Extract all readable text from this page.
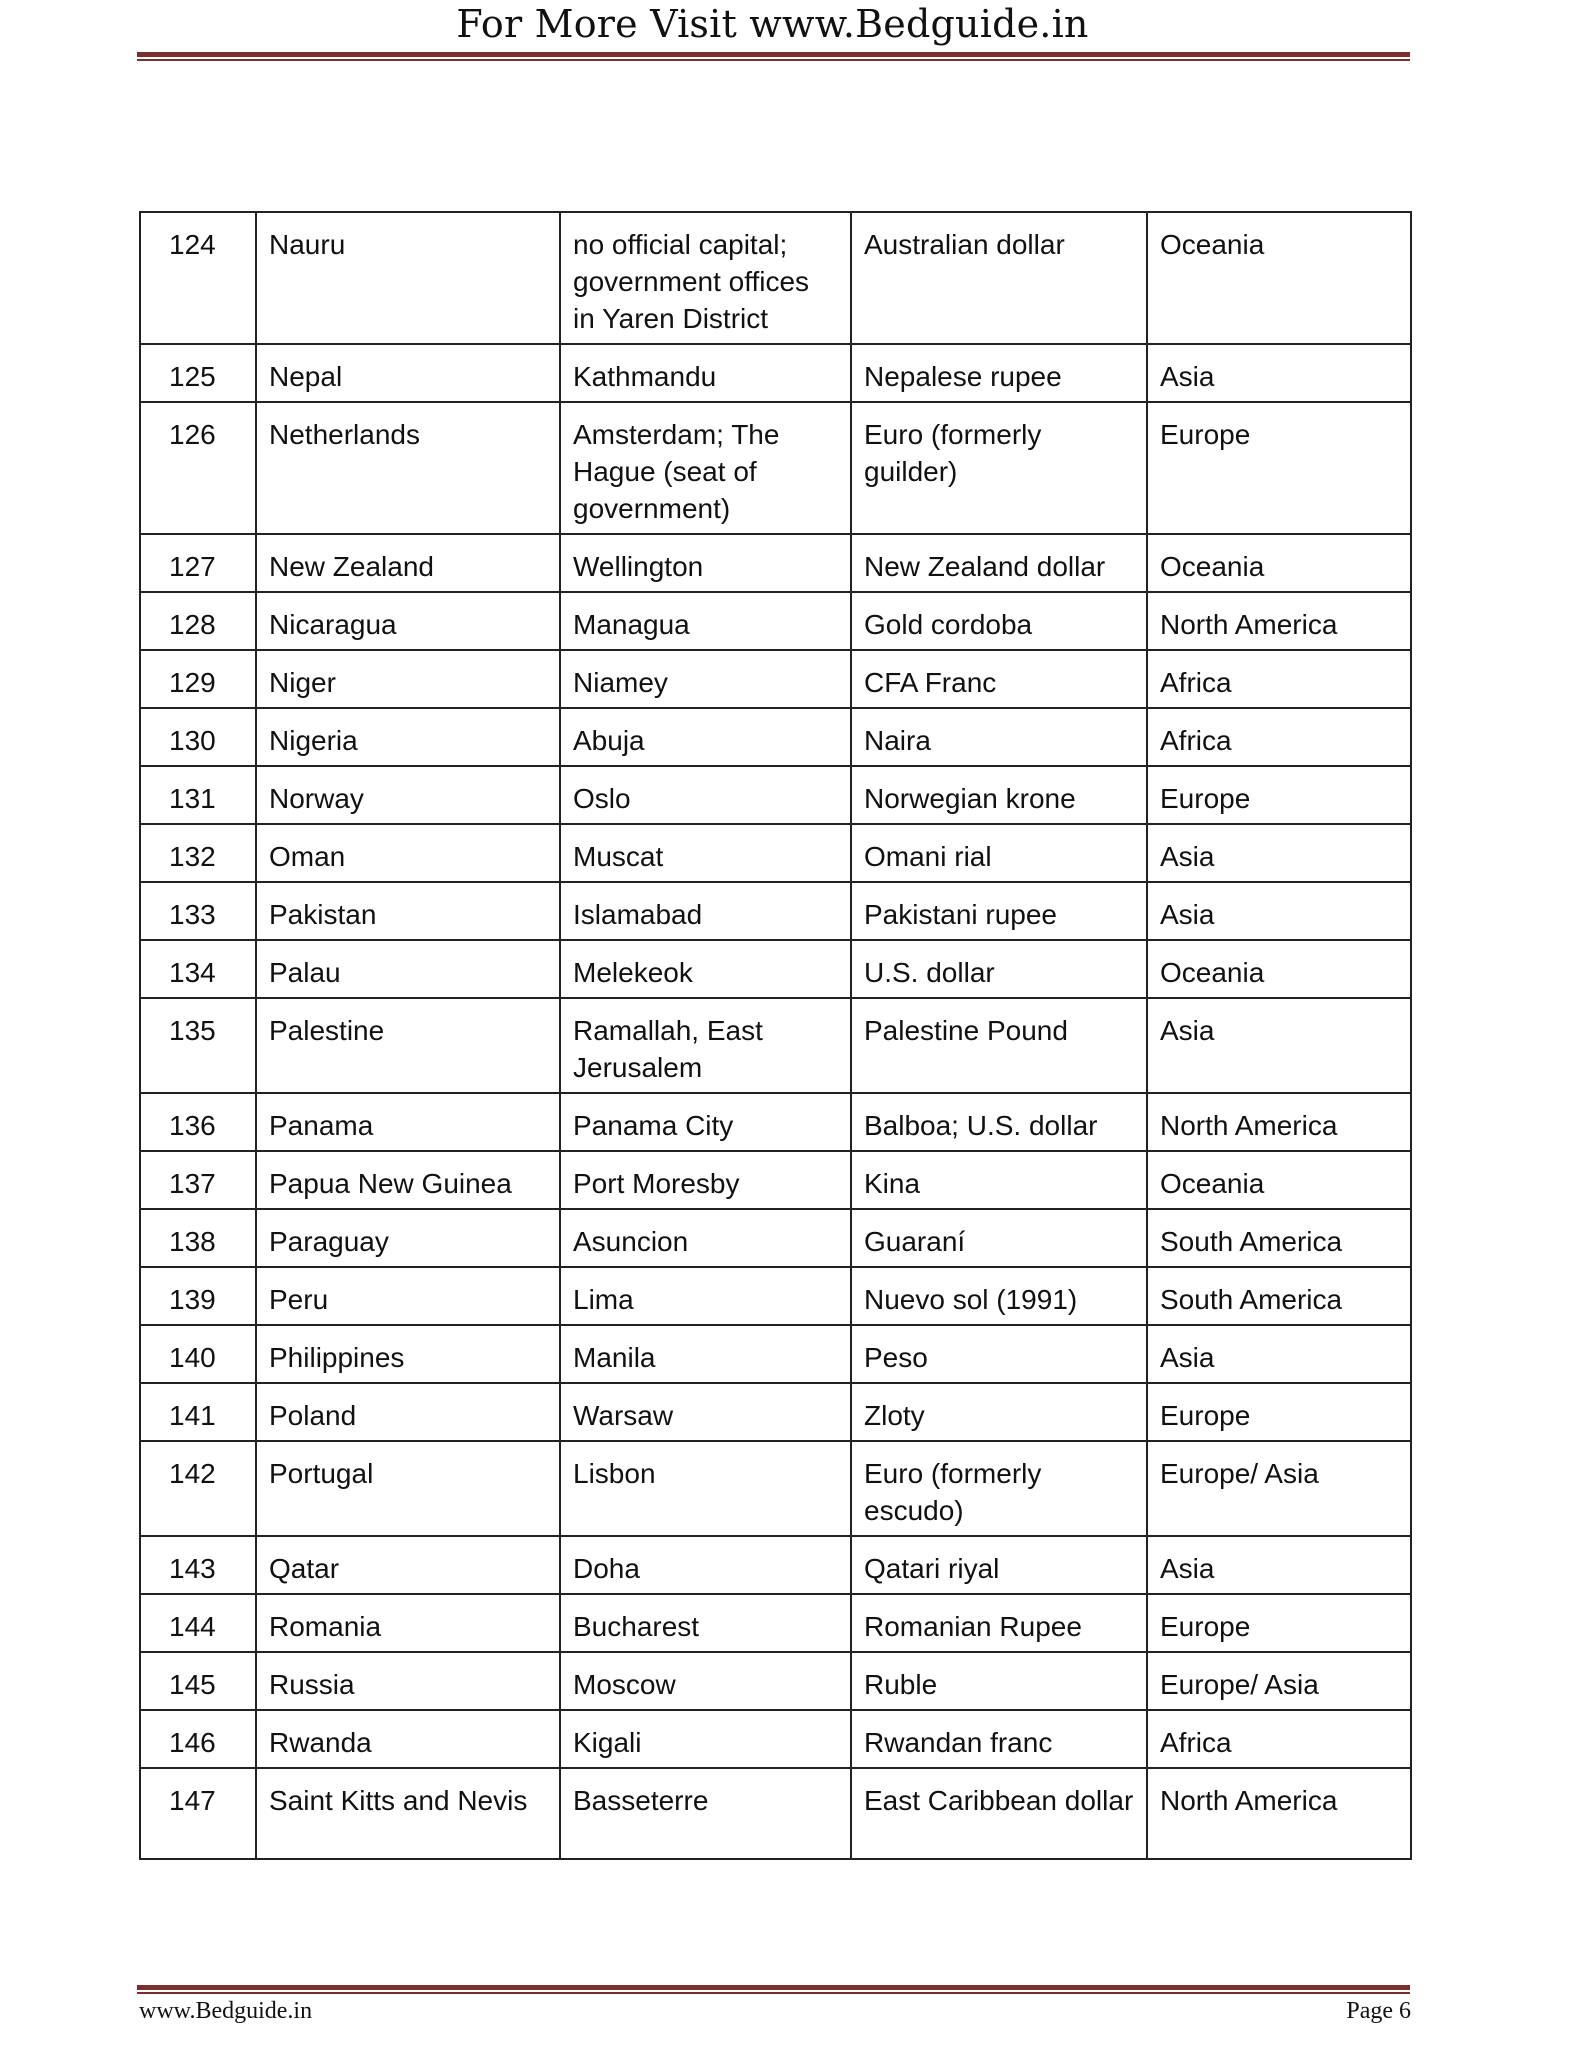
For More Visit www.Bedguide.in
124	Nauru	no official capital; government offices in Yaren District	Australian dollar	Oceania
125	Nepal	Kathmandu	Nepalese rupee	Asia
126	Netherlands	Amsterdam; The Hague (seat of government)	Euro (formerly guilder)	Europe
127	New Zealand	Wellington	New Zealand dollar	Oceania
128	Nicaragua	Managua	Gold cordoba	North America
129	Niger	Niamey	CFA Franc	Africa
130	Nigeria	Abuja	Naira	Africa
131	Norway	Oslo	Norwegian krone	Europe
132	Oman	Muscat	Omani rial	Asia
133	Pakistan	Islamabad	Pakistani rupee	Asia
134	Palau	Melekeok	U.S. dollar	Oceania
135	Palestine	Ramallah, East Jerusalem	Palestine Pound	Asia
136	Panama	Panama City	Balboa; U.S. dollar	North America
137	Papua New Guinea	Port Moresby	Kina	Oceania
138	Paraguay	Asuncion	Guaraní	South America
139	Peru	Lima	Nuevo sol (1991)	South America
140	Philippines	Manila	Peso	Asia
141	Poland	Warsaw	Zloty	Europe
142	Portugal	Lisbon	Euro (formerly escudo)	Europe/ Asia
143	Qatar	Doha	Qatari riyal	Asia
144	Romania	Bucharest	Romanian Rupee	Europe
145	Russia	Moscow	Ruble	Europe/ Asia
146	Rwanda	Kigali	Rwandan franc	Africa
147	Saint Kitts and Nevis	Basseterre	East Caribbean dollar	North America
www.Bedguide.in	Page 6
